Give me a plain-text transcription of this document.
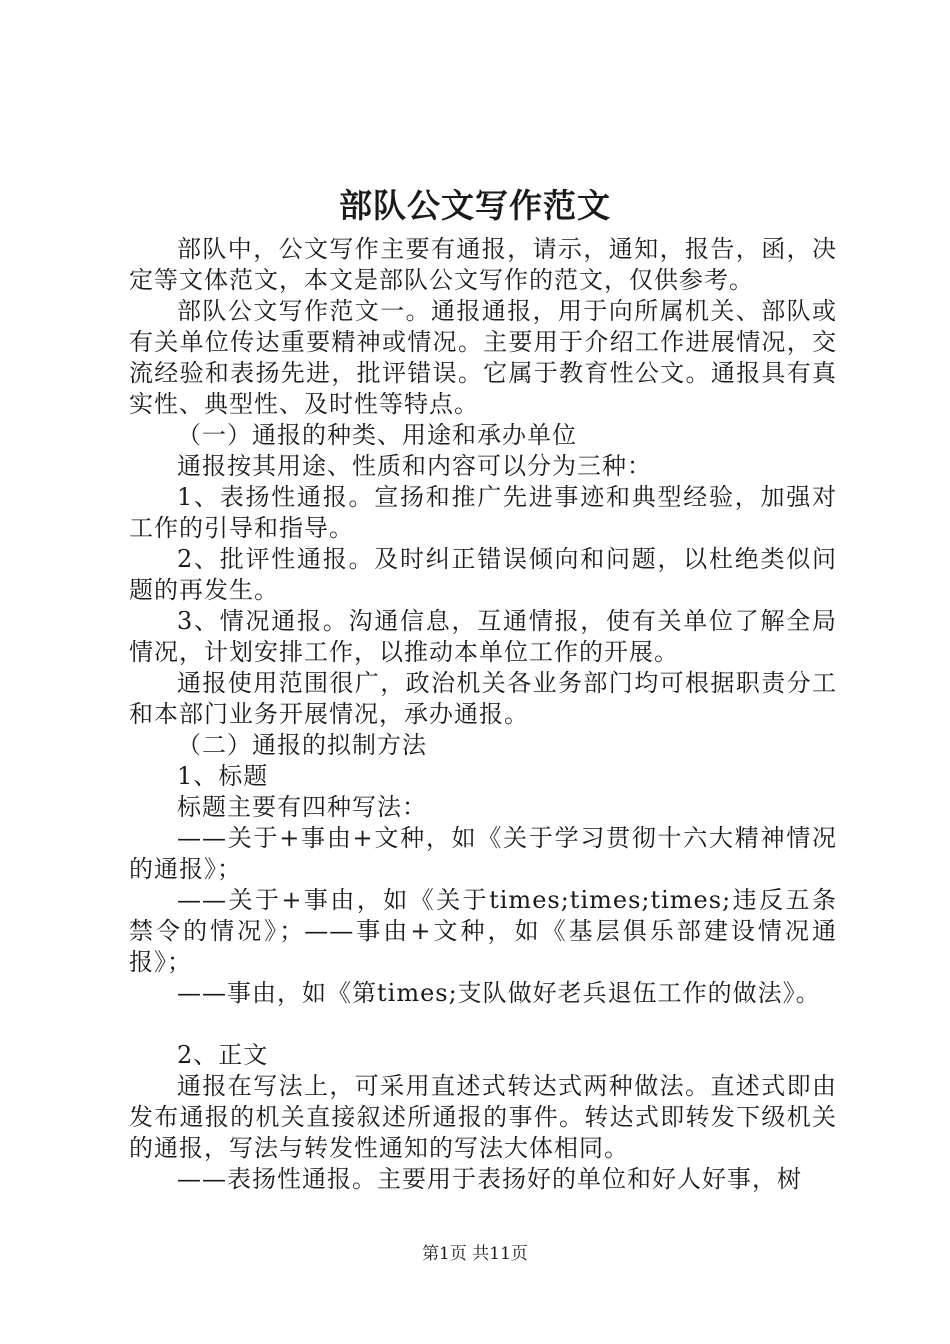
部队公文写作范文

部队中，公文写作主要有通报，请示，通知，报告，函，决定等文体范文，本文是部队公文写作的范文，仅供参考。

部队公文写作范文一。通报通报，用于向所属机关、部队或有关单位传达重要精神或情况。主要用于介绍工作进展情况，交流经验和表扬先进，批评错误。它属于教育性公文。通报具有真实性、典型性、及时性等特点。

（一）通报的种类、用途和承办单位

通报按其用途、性质和内容可以分为三种：

1、表扬性通报。宣扬和推广先进事迹和典型经验，加强对工作的引导和指导。

2、批评性通报。及时纠正错误倾向和问题，以杜绝类似问题的再发生。

3、情况通报。沟通信息，互通情报，使有关单位了解全局情况，计划安排工作，以推动本单位工作的开展。

通报使用范围很广，政治机关各业务部门均可根据职责分工和本部门业务开展情况，承办通报。

（二）通报的拟制方法

1、标题

标题主要有四种写法：

——关于+事由+文种，如《关于学习贯彻十六大精神情况的通报》；

——关于+事由，如《关于times;times;times;违反五条禁令的情况》；——事由+文种，如《基层俱乐部建设情况通报》；

——事由，如《第times;支队做好老兵退伍工作的做法》。

2、正文

通报在写法上，可采用直述式转达式两种做法。直述式即由发布通报的机关直接叙述所通报的事件。转达式即转发下级机关的通报，写法与转发性通知的写法大体相同。

——表扬性通报。主要用于表扬好的单位和好人好事，树

第1页 共11页
